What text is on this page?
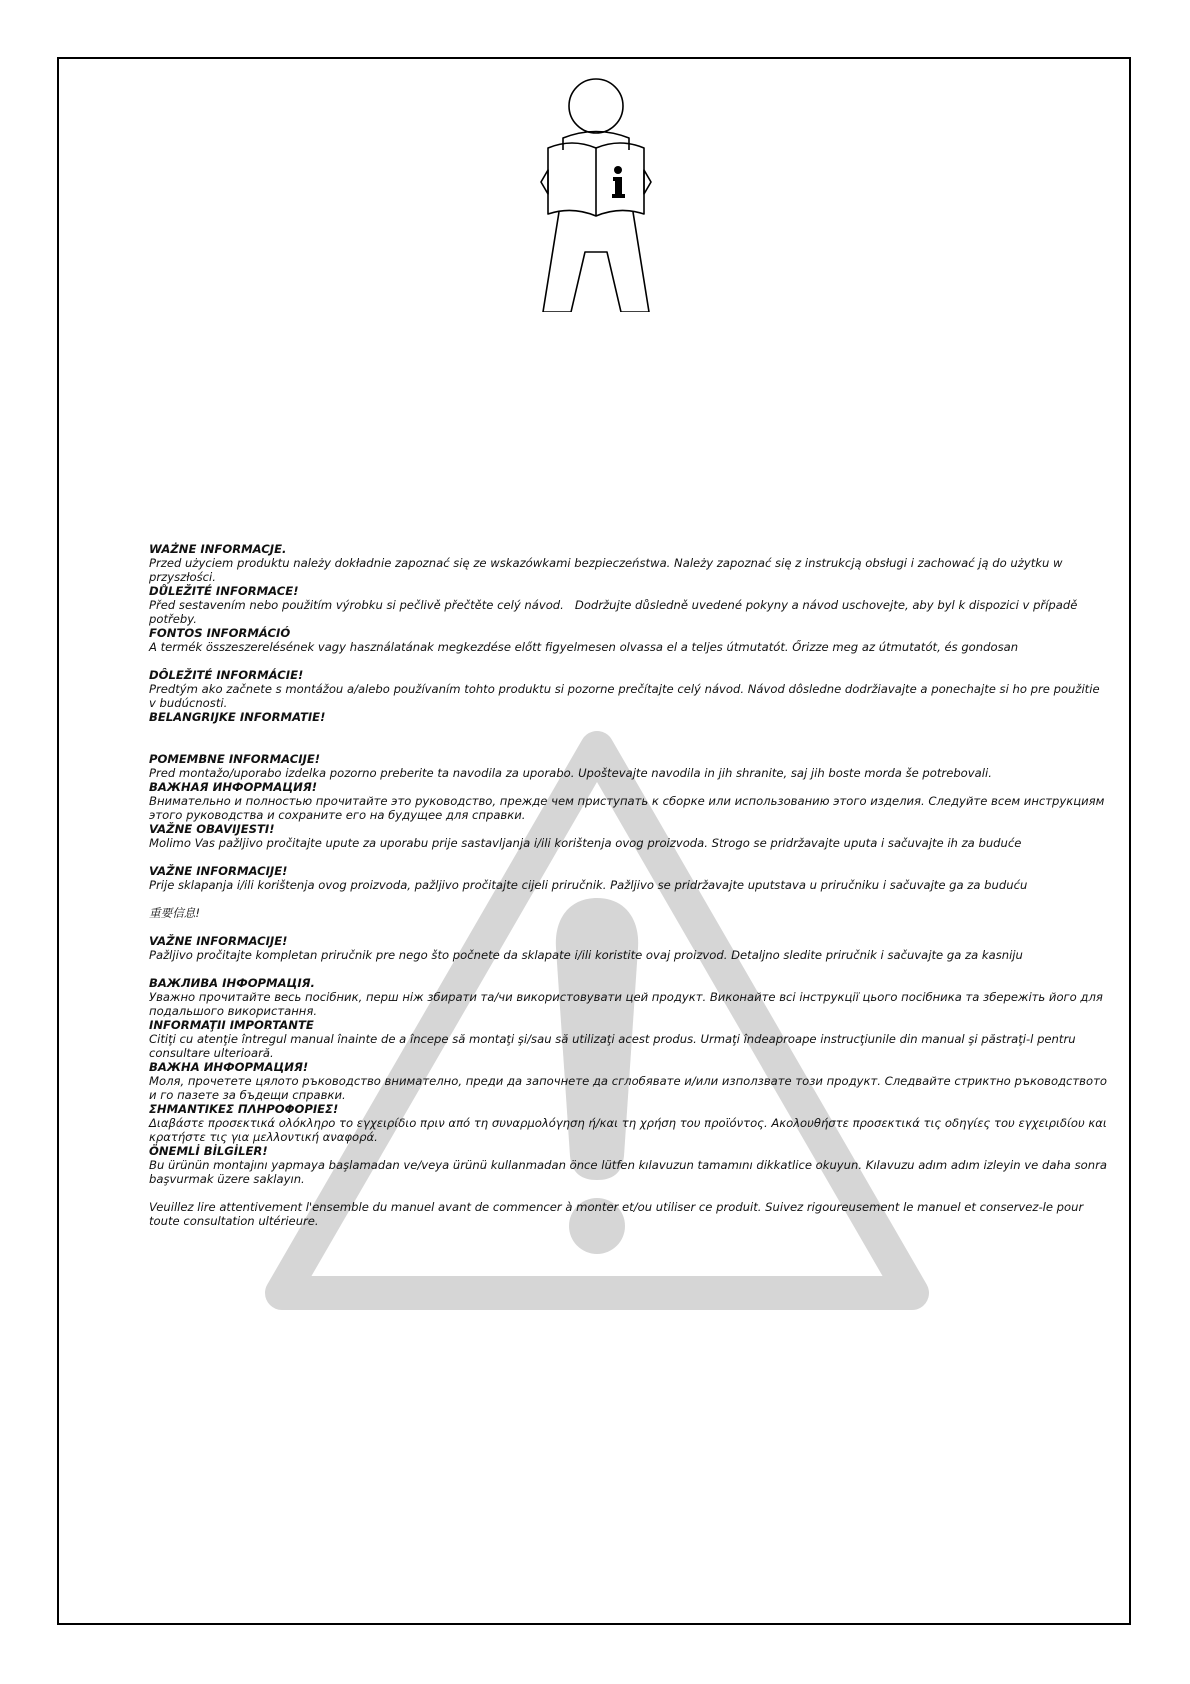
WAŻNE INFORMACJE.
Przed użyciem produktu należy dokładnie zapoznać się ze wskazówkami bezpieczeństwa. Należy zapoznać się z instrukcją obsługi i zachować ją do użytku w przyszłości.
DŮLEŽITÉ INFORMACE!
Před sestavením nebo použitím výrobku si pečlivě přečtěte celý návod.   Dodržujte důsledně uvedené pokyny a návod uschovejte, aby byl k dispozici v případě potřeby.
FONTOS INFORMÁCIÓ
A termék összeszerelésének vagy használatának megkezdése előtt figyelmesen olvassa el a teljes útmutatót. Őrizze meg az útmutatót, és gondosan
DÔLEŽITÉ INFORMÁCIE!
Predtým ako začnete s montážou a/alebo používaním tohto produktu si pozorne prečítajte celý návod. Návod dôsledne dodržiavajte a ponechajte si ho pre použitie v budúcnosti.
BELANGRIJKE INFORMATIE!
POMEMBNE INFORMACIJE!
Pred montažo/uporabo izdelka pozorno preberite ta navodila za uporabo. Upoštevajte navodila in jih shranite, saj jih boste morda še potrebovali.
ВАЖНАЯ ИНФОРМАЦИЯ!
Внимательно и полностью прочитайте это руководство, прежде чем приступать к сборке или использованию этого изделия. Следуйте всем инструкциям этого руководства и сохраните его на будущее для справки.
VAŽNE OBAVIJESTI!
Molimo Vas pažljivo pročitajte upute za uporabu prije sastavljanja i/ili korištenja ovog proizvoda. Strogo se pridržavajte uputa i sačuvajte ih za buduće
VAŽNE INFORMACIJE!
Prije sklapanja i/ili korištenja ovog proizvoda, pažljivo pročitajte cijeli priručnik. Pažljivo se pridržavajte uputstava u priručniku i sačuvajte ga za buduću
重要信息!
VAŽNE INFORMACIJE!
Pažljivo pročitajte kompletan priručnik pre nego što počnete da sklapate i/ili koristite ovaj proizvod. Detaljno sledite priručnik i sačuvajte ga za kasniju
ВАЖЛИВА ІНФОРМАЦІЯ.
Уважно прочитайте весь посібник, перш ніж збирати та/чи використовувати цей продукт. Виконайте всі інструкції цього посібника та збережіть його для подальшого використання.
INFORMAŢII IMPORTANTE
Citiţi cu atenţie întregul manual înainte de a începe să montaţi şi/sau să utilizaţi acest produs. Urmaţi îndeaproape instrucţiunile din manual şi păstraţi-l pentru consultare ulterioară.
ВАЖНА ИНФОРМАЦИЯ!
Моля, прочетете цялото ръководство внимателно, преди да започнете да сглобявате и/или използвате този продукт. Следвайте стриктно ръководството и го пазете за бъдещи справки.
ΣΗΜΑΝΤΙΚΕΣ ΠΛΗΡΟΦΟΡΙΕΣ!
Διαβάστε προσεκτικά ολόκληρο το εγχειρίδιο πριν από τη συναρμολόγηση ή/και τη χρήση του προϊόντος. Ακολουθήστε προσεκτικά τις οδηγίες του εγχειριδίου και κρατήστε τις για μελλοντική αναφορά.
ÖNEMLİ BİLGİLER!
Bu ürünün montajını yapmaya başlamadan ve/veya ürünü kullanmadan önce lütfen kılavuzun tamamını dikkatlice okuyun. Kılavuzu adım adım izleyin ve daha sonra başvurmak üzere saklayın.
Veuillez lire attentivement l'ensemble du manuel avant de commencer à monter et/ou utiliser ce produit. Suivez rigoureusement le manuel et conservez-le pour toute consultation ultérieure.
